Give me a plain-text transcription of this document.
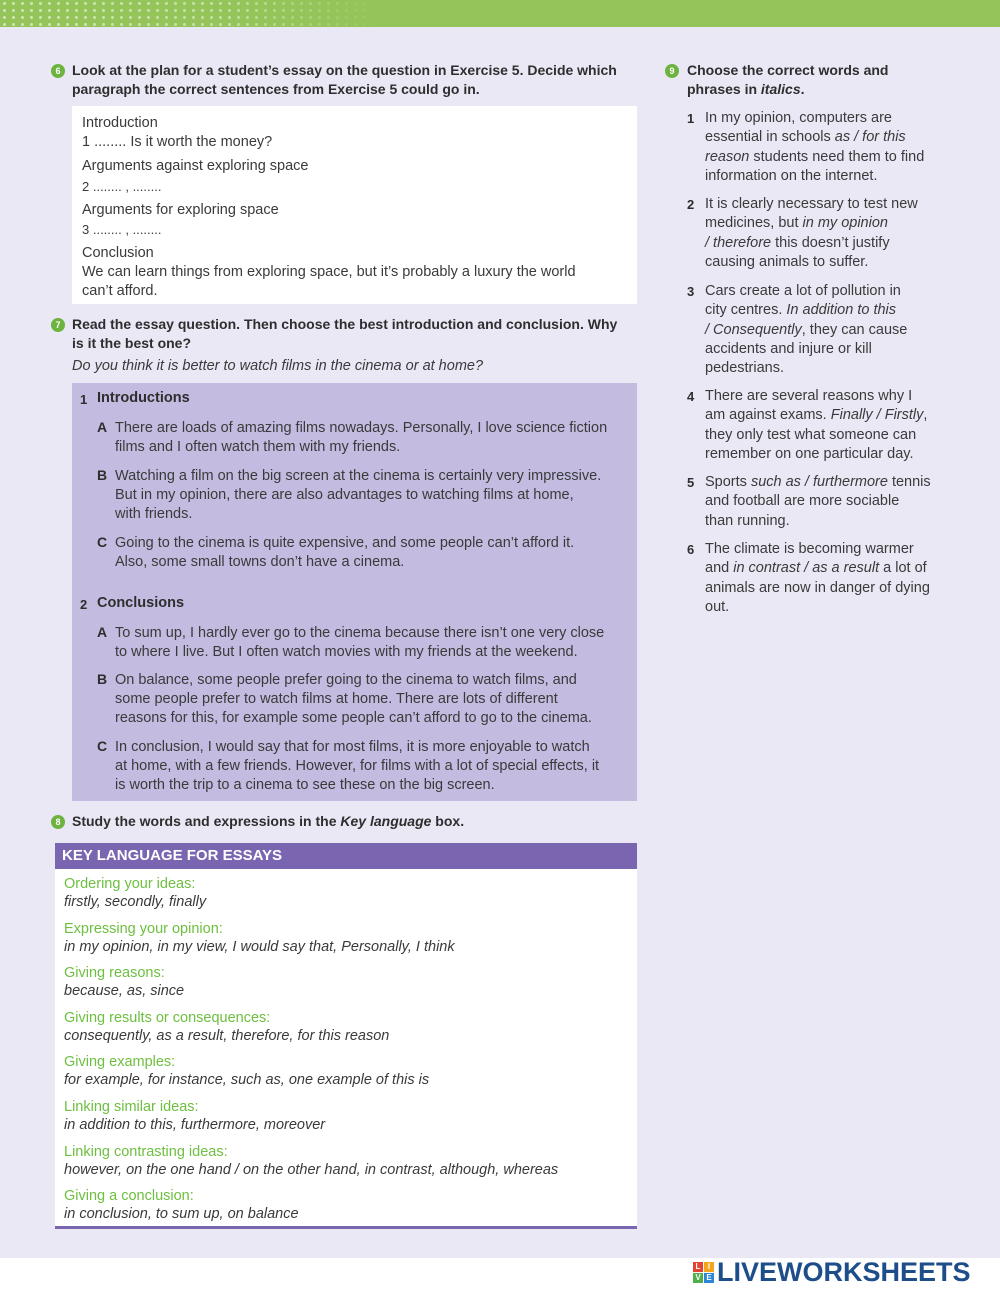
6 Look at the plan for a student’s essay on the question in Exercise 5. Decide which
paragraph the correct sentences from Exercise 5 could go in.
Introduction
1 ........ Is it worth the money?
Arguments against exploring space
2 ........ , ........
Arguments for exploring space
3 ........ , ........
Conclusion
We can learn things from exploring space, but it’s probably a luxury the world
can’t afford.
7 Read the essay question. Then choose the best introduction and conclusion. Why
is it the best one?
Do you think it is better to watch films in the cinema or at home?
1 Introductions
A There are loads of amazing films nowadays. Personally, I love science fiction
films and I often watch them with my friends.
B Watching a film on the big screen at the cinema is certainly very impressive.
But in my opinion, there are also advantages to watching films at home,
with friends.
C Going to the cinema is quite expensive, and some people can’t afford it.
Also, some small towns don’t have a cinema.
2 Conclusions
A To sum up, I hardly ever go to the cinema because there isn’t one very close
to where I live. But I often watch movies with my friends at the weekend.
B On balance, some people prefer going to the cinema to watch films, and
some people prefer to watch films at home. There are lots of different
reasons for this, for example some people can’t afford to go to the cinema.
C In conclusion, I would say that for most films, it is more enjoyable to watch
at home, with a few friends. However, for films with a lot of special effects, it
is worth the trip to a cinema to see these on the big screen.
8 Study the words and expressions in the Key language box.
KEY LANGUAGE FOR ESSAYS
Ordering your ideas:
firstly, secondly, finally
Expressing your opinion:
in my opinion, in my view, I would say that, Personally, I think
Giving reasons:
because, as, since
Giving results or consequences:
consequently, as a result, therefore, for this reason
Giving examples:
for example, for instance, such as, one example of this is
Linking similar ideas:
in addition to this, furthermore, moreover
Linking contrasting ideas:
however, on the one hand / on the other hand, in contrast, although, whereas
Giving a conclusion:
in conclusion, to sum up, on balance
9 Choose the correct words and
phrases in italics.
1 In my opinion, computers are
essential in schools as / for this
reason students need them to find
information on the internet.
2 It is clearly necessary to test new
medicines, but in my opinion
/ therefore this doesn’t justify
causing animals to suffer.
3 Cars create a lot of pollution in
city centres. In addition to this
/ Consequently, they can cause
accidents and injure or kill
pedestrians.
4 There are several reasons why I
am against exams. Finally / Firstly,
they only test what someone can
remember on one particular day.
5 Sports such as / furthermore tennis
and football are more sociable
than running.
6 The climate is becoming warmer
and in contrast / as a result a lot of
animals are now in danger of dying
out.
L I
V E LIVEWORKSHEETS
